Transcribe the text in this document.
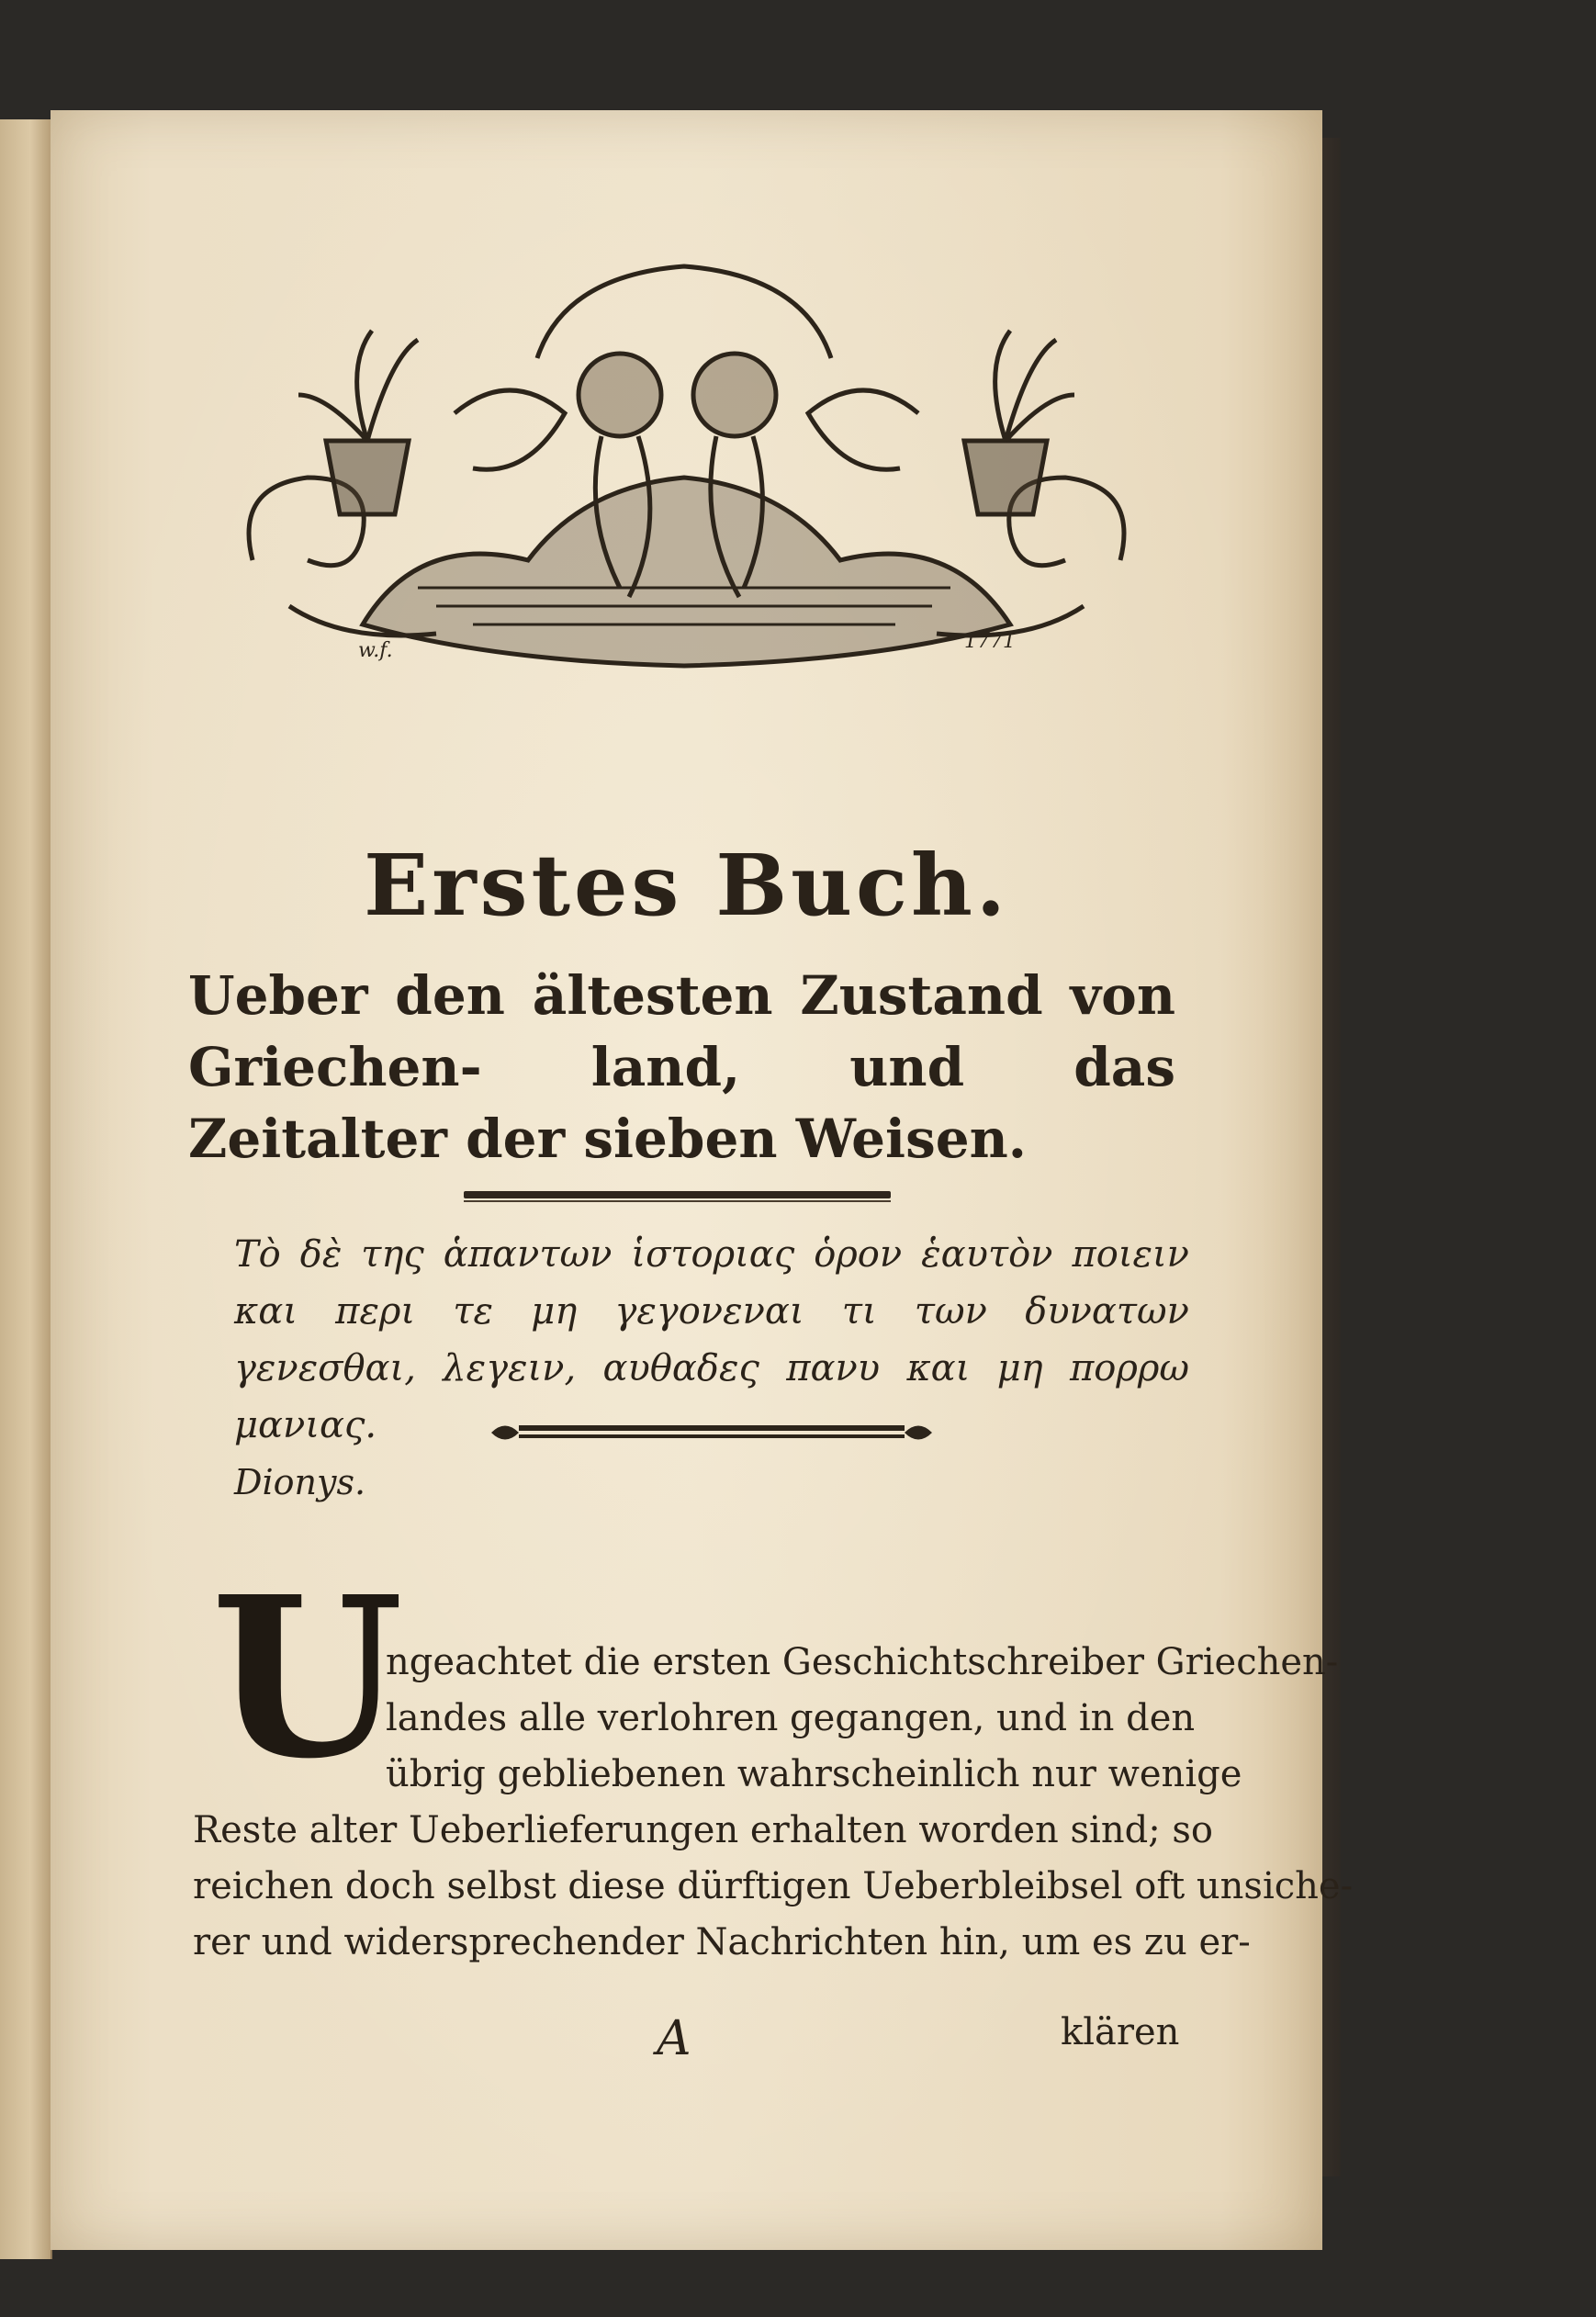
w.f.	1771
Erstes Buch.
Ueber den ältesten Zustand von Griechen- land, und das Zeitalter der sieben Weisen.
Τὸ δὲ της ἁπαντων ἱστοριας ὁρον ἑαυτὸν ποιειν και περι τε μη γεγονεναι τι των δυνατων γενεσθαι, λεγειν, αυθαδες πανυ και μη πορρω μανιας.
Dionys.
U
ngeachtet die ersten Geschichtschreiber Griechen-
landes alle verlohren gegangen, und in den
übrig gebliebenen wahrscheinlich nur wenige
Reste alter Ueberlieferungen erhalten worden sind; so
reichen doch selbst diese dürftigen Ueberbleibsel oft unsiche-
rer und widersprechender Nachrichten hin, um es zu er-
A	klären
